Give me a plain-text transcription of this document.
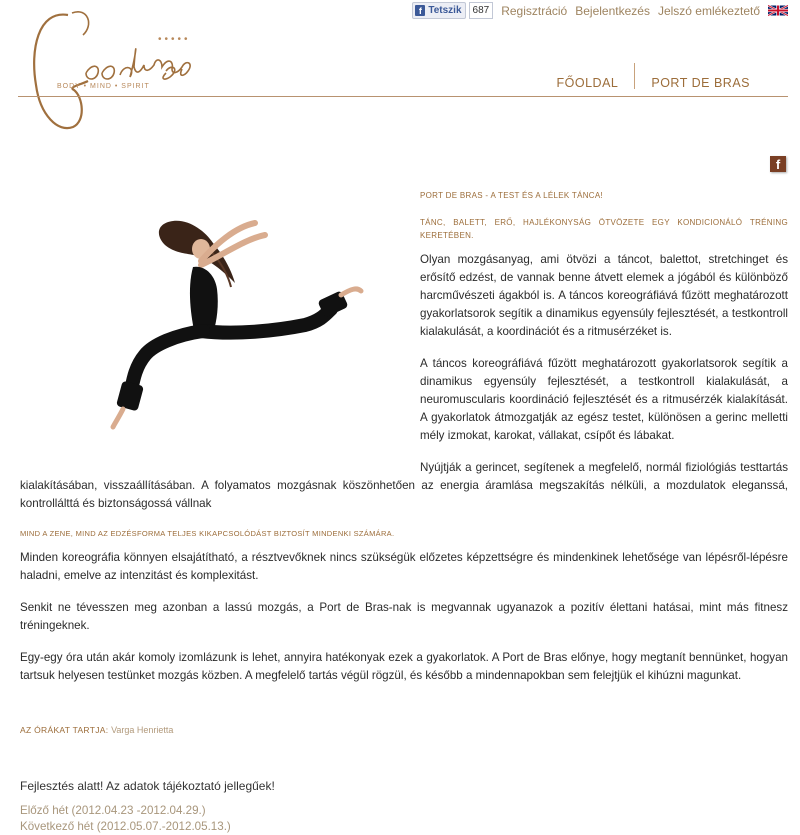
f Tetszik	687	Regisztráció Bejelentkezés Jelszó emlékeztető
•••••
BODY • MIND • SPIRIT	FŐOLDAL	PORT DE BRAS
f
PORT DE BRAS - A TEST ÉS A LÉLEK TÁNCA!
TÁNC, BALETT, ERŐ, HAJLÉKONYSÁG ÖTVÖZETE EGY KONDICIONÁLÓ TRÉNING KERETÉBEN.

Olyan mozgásanyag, ami ötvözi a táncot, balettot, stretchinget és erősítő edzést, de vannak benne átvett elemek a jógából és különböző harcművészeti ágakból is. A táncos koreográfiává fűzött meghatározott gyakorlatsorok segítik a dinamikus egyensúly fejlesztését, a testkontroll kialakulását, a koordinációt és a ritmusérzéket is.

A táncos koreográfiává fűzött meghatározott gyakorlatsorok segítik a dinamikus egyensúly fejlesztését, a testkontroll kialakulását, a neuromuscularis koordináció fejlesztését és a ritmusérzék kialakítását. A gyakorlatok átmozgatják az egész testet, különösen a gerinc melletti mély izmokat, karokat, vállakat, csípőt és lábakat.

Nyújtják a gerincet, segítenek a megfelelő, normál fiziológiás testtartás kialakításában, visszaállításában. A folyamatos mozgásnak köszönhetően az energia áramlása megszakítás nélküli, a mozdulatok eleganssá, kontrollálttá és biztonságossá vállnak

MIND A ZENE, MIND AZ EDZÉSFORMA TELJES KIKAPCSOLÓDÁST BIZTOSÍT MINDENKI SZÁMÁRA.

Minden koreográfia könnyen elsajátítható, a résztvevőknek nincs szükségük előzetes képzettségre és mindenkinek lehetősége van lépésről-lépésre haladni, emelve az intenzitást és komplexitást.

Senkit ne tévesszen meg azonban a lassú mozgás, a Port de Bras-nak is megvannak ugyanazok a pozitív élettani hatásai, mint más fitnesz tréningeknek.

Egy-egy óra után akár komoly izomlázunk is lehet, annyira hatékonyak ezek a gyakorlatok. A Port de Bras előnye, hogy megtanít bennünket, hogyan tartsuk helyesen testünket mozgás közben. A megfelelő tartás végül rögzül, és később a mindennapokban sem felejtjük el kihúzni magunkat.

AZ ÓRÁKAT TARTJA: Varga Henrietta
Fejlesztés alatt! Az adatok tájékoztató jellegűek!
Előző hét (2012.04.23 -2012.04.29.)
Következő hét (2012.05.07.-2012.05.13.)
